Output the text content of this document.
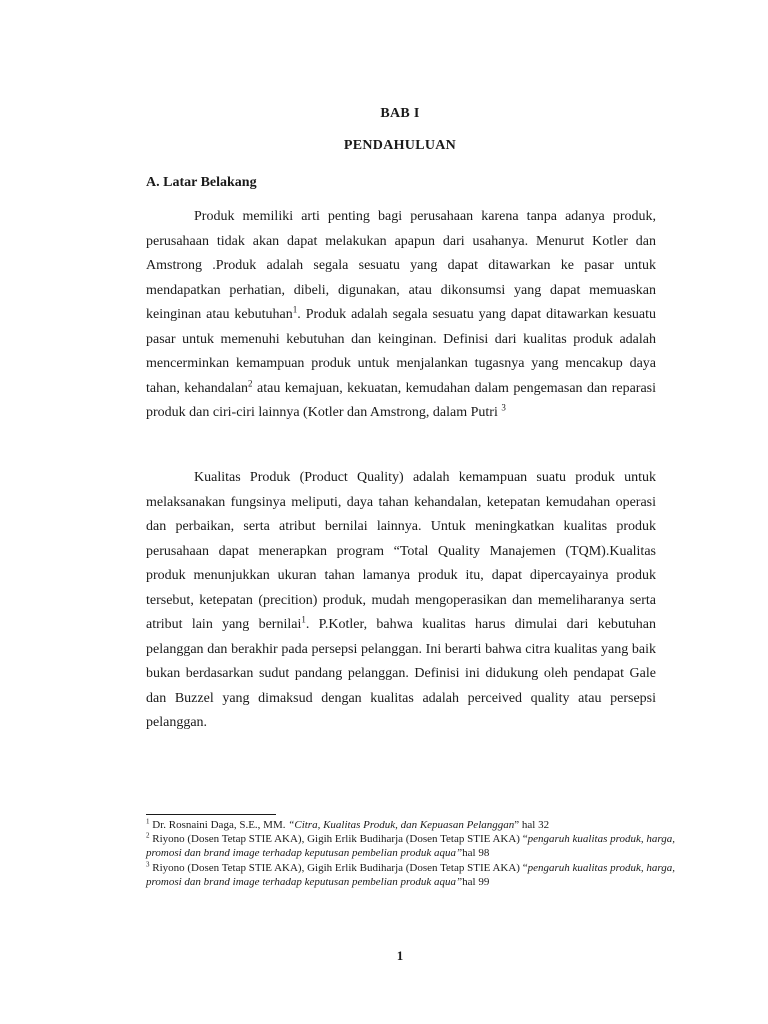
BAB I
PENDAHULUAN
A. Latar Belakang

Produk memiliki arti penting bagi perusahaan karena tanpa adanya produk, perusahaan tidak akan dapat melakukan apapun dari usahanya. Menurut Kotler dan Amstrong .Produk adalah segala sesuatu yang dapat ditawarkan ke pasar untuk mendapatkan perhatian, dibeli, digunakan, atau dikonsumsi yang dapat memuaskan keinginan atau kebutuhan$^1$. Produk adalah segala sesuatu yang dapat ditawarkan kesuatu pasar untuk memenuhi kebutuhan dan keinginan. Definisi dari kualitas produk adalah mencerminkan kemampuan produk untuk menjalankan tugasnya yang mencakup daya tahan, kehandalan$^2$ atau kemajuan, kekuatan, kemudahan dalam pengemasan dan reparasi produk dan ciri-ciri lainnya (Kotler dan Amstrong, dalam Putri $^3$

Kualitas Produk (Product Quality) adalah kemampuan suatu produk untuk melaksanakan fungsinya meliputi, daya tahan kehandalan, ketepatan kemudahan operasi dan perbaikan, serta atribut bernilai lainnya. Untuk meningkatkan kualitas produk perusahaan dapat menerapkan program “Total Quality Manajemen (TQM).Kualitas produk menunjukkan ukuran tahan lamanya produk itu, dapat dipercayainya produk tersebut, ketepatan (precition) produk, mudah mengoperasikan dan memeliharanya serta atribut lain yang bernilai$^1$. P.Kotler, bahwa kualitas harus dimulai dari kebutuhan pelanggan dan berakhir pada persepsi pelanggan. Ini berarti bahwa citra kualitas yang baik bukan berdasarkan sudut pandang pelanggan. Definisi ini didukung oleh pendapat Gale dan Buzzel yang dimaksud dengan kualitas adalah perceived quality atau persepsi pelanggan.

$^1$ Dr. Rosnaini Daga, S.E., MM. “Citra, Kualitas Produk, dan Kepuasan Pelanggan” hal 32

$^2$ Riyono (Dosen Tetap STIE AKA), Gigih Erlik Budiharja (Dosen Tetap STIE AKA) “pengaruh kualitas produk, harga, promosi dan brand image terhadap keputusan pembelian produk aqua”hal 98

$^3$ Riyono (Dosen Tetap STIE AKA), Gigih Erlik Budiharja (Dosen Tetap STIE AKA) “pengaruh kualitas produk, harga, promosi dan brand image terhadap keputusan pembelian produk aqua”hal 99

1
